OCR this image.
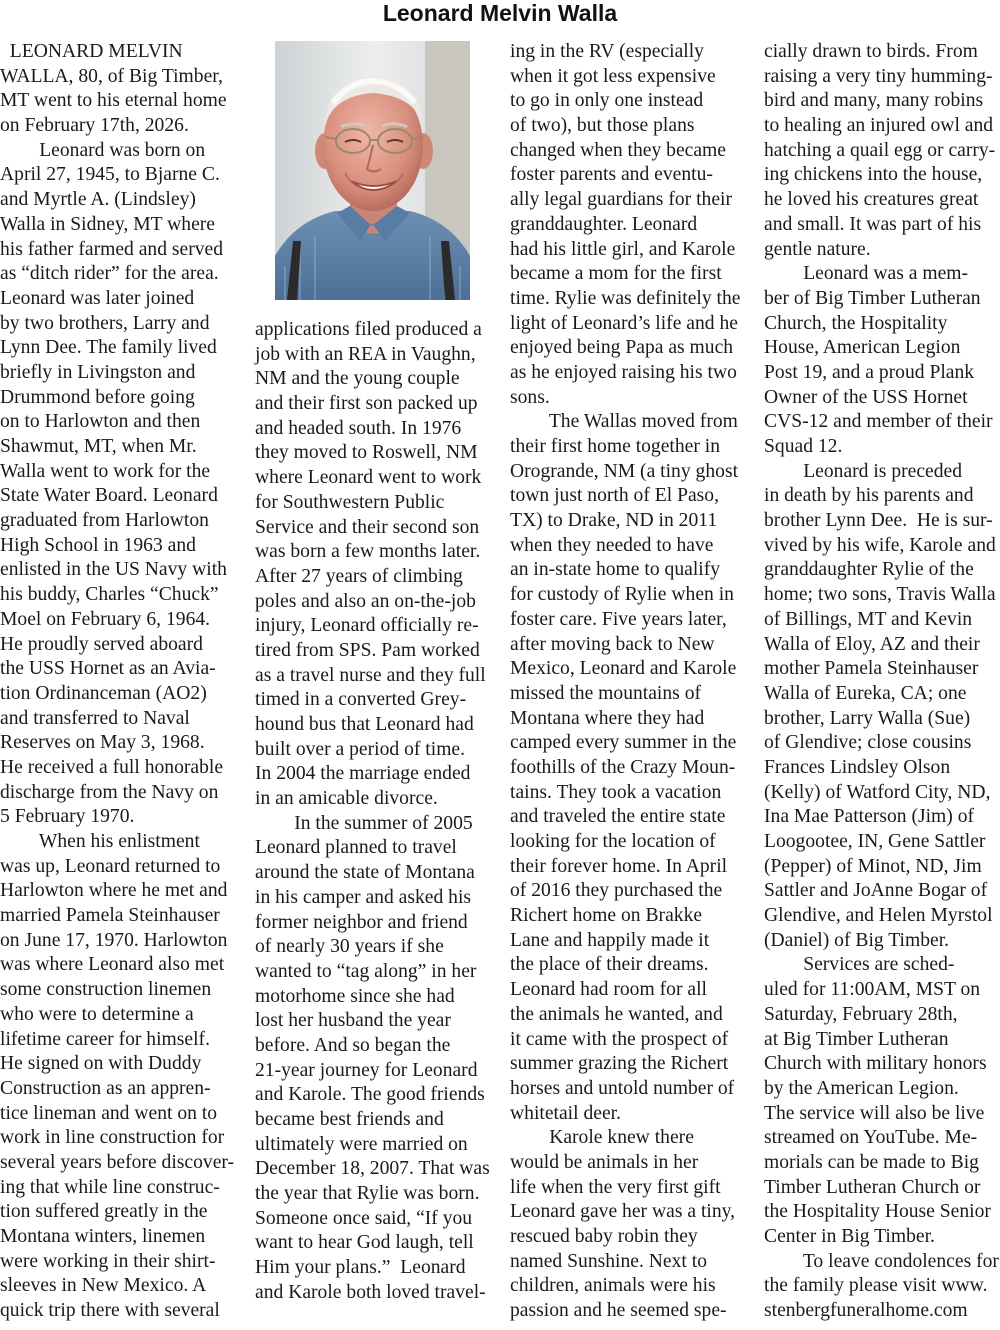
Leonard Melvin Walla
LEONARD MELVIN
WALLA, 80, of Big Timber,
MT went to his eternal home
on February 17th, 2026.
Leonard was born on
April 27, 1945, to Bjarne C.
and Myrtle A. (Lindsley)
Walla in Sidney, MT where
his father farmed and served
as “ditch rider” for the area.
Leonard was later joined
by two brothers, Larry and
Lynn Dee. The family lived
briefly in Livingston and
Drummond before going
on to Harlowton and then
Shawmut, MT, when Mr.
Walla went to work for the
State Water Board. Leonard
graduated from Harlowton
High School in 1963 and
enlisted in the US Navy with
his buddy, Charles “Chuck”
Moel on February 6, 1964.
He proudly served aboard
the USS Hornet as an Avia-
tion Ordinanceman (AO2)
and transferred to Naval
Reserves on May 3, 1968.
He received a full honorable
discharge from the Navy on
5 February 1970.
When his enlistment
was up, Leonard returned to
Harlowton where he met and
married Pamela Steinhauser
on June 17, 1970. Harlowton
was where Leonard also met
some construction linemen
who were to determine a
lifetime career for himself.
He signed on with Duddy
Construction as an appren-
tice lineman and went on to
work in line construction for
several years before discover-
ing that while line construc-
tion suffered greatly in the
Montana winters, linemen
were working in their shirt-
sleeves in New Mexico. A
quick trip there with several
applications filed produced a
job with an REA in Vaughn,
NM and the young couple
and their first son packed up
and headed south. In 1976
they moved to Roswell, NM
where Leonard went to work
for Southwestern Public
Service and their second son
was born a few months later.
After 27 years of climbing
poles and also an on-the-job
injury, Leonard officially re-
tired from SPS. Pam worked
as a travel nurse and they full
timed in a converted Grey-
hound bus that Leonard had
built over a period of time.
In 2004 the marriage ended
in an amicable divorce.
In the summer of 2005
Leonard planned to travel
around the state of Montana
in his camper and asked his
former neighbor and friend
of nearly 30 years if she
wanted to “tag along” in her
motorhome since she had
lost her husband the year
before. And so began the
21-year journey for Leonard
and Karole. The good friends
became best friends and
ultimately were married on
December 18, 2007. That was
the year that Rylie was born.
Someone once said, “If you
want to hear God laugh, tell
Him your plans.”  Leonard
and Karole both loved travel-
ing in the RV (especially
when it got less expensive
to go in only one instead
of two), but those plans
changed when they became
foster parents and eventu-
ally legal guardians for their
granddaughter. Leonard
had his little girl, and Karole
became a mom for the first
time. Rylie was definitely the
light of Leonard’s life and he
enjoyed being Papa as much
as he enjoyed raising his two
sons.
The Wallas moved from
their first home together in
Orogrande, NM (a tiny ghost
town just north of El Paso,
TX) to Drake, ND in 2011
when they needed to have
an in-state home to qualify
for custody of Rylie when in
foster care. Five years later,
after moving back to New
Mexico, Leonard and Karole
missed the mountains of
Montana where they had
camped every summer in the
foothills of the Crazy Moun-
tains. They took a vacation
and traveled the entire state
looking for the location of
their forever home. In April
of 2016 they purchased the
Richert home on Brakke
Lane and happily made it
the place of their dreams.
Leonard had room for all
the animals he wanted, and
it came with the prospect of
summer grazing the Richert
horses and untold number of
whitetail deer.
Karole knew there
would be animals in her
life when the very first gift
Leonard gave her was a tiny,
rescued baby robin they
named Sunshine. Next to
children, animals were his
passion and he seemed spe-
cially drawn to birds. From
raising a very tiny humming-
bird and many, many robins
to healing an injured owl and
hatching a quail egg or carry-
ing chickens into the house,
he loved his creatures great
and small. It was part of his
gentle nature.
Leonard was a mem-
ber of Big Timber Lutheran
Church, the Hospitality
House, American Legion
Post 19, and a proud Plank
Owner of the USS Hornet
CVS-12 and member of their
Squad 12.
Leonard is preceded
in death by his parents and
brother Lynn Dee.  He is sur-
vived by his wife, Karole and
granddaughter Rylie of the
home; two sons, Travis Walla
of Billings, MT and Kevin
Walla of Eloy, AZ and their
mother Pamela Steinhauser
Walla of Eureka, CA; one
brother, Larry Walla (Sue)
of Glendive; close cousins
Frances Lindsley Olson
(Kelly) of Watford City, ND,
Ina Mae Patterson (Jim) of
Loogootee, IN, Gene Sattler
(Pepper) of Minot, ND, Jim
Sattler and JoAnne Bogar of
Glendive, and Helen Myrstol
(Daniel) of Big Timber.
Services are sched-
uled for 11:00AM, MST on
Saturday, February 28th,
at Big Timber Lutheran
Church with military honors
by the American Legion.
The service will also be live
streamed on YouTube. Me-
morials can be made to Big
Timber Lutheran Church or
the Hospitality House Senior
Center in Big Timber.
To leave condolences for
the family please visit www.
stenbergfuneralhome.com
